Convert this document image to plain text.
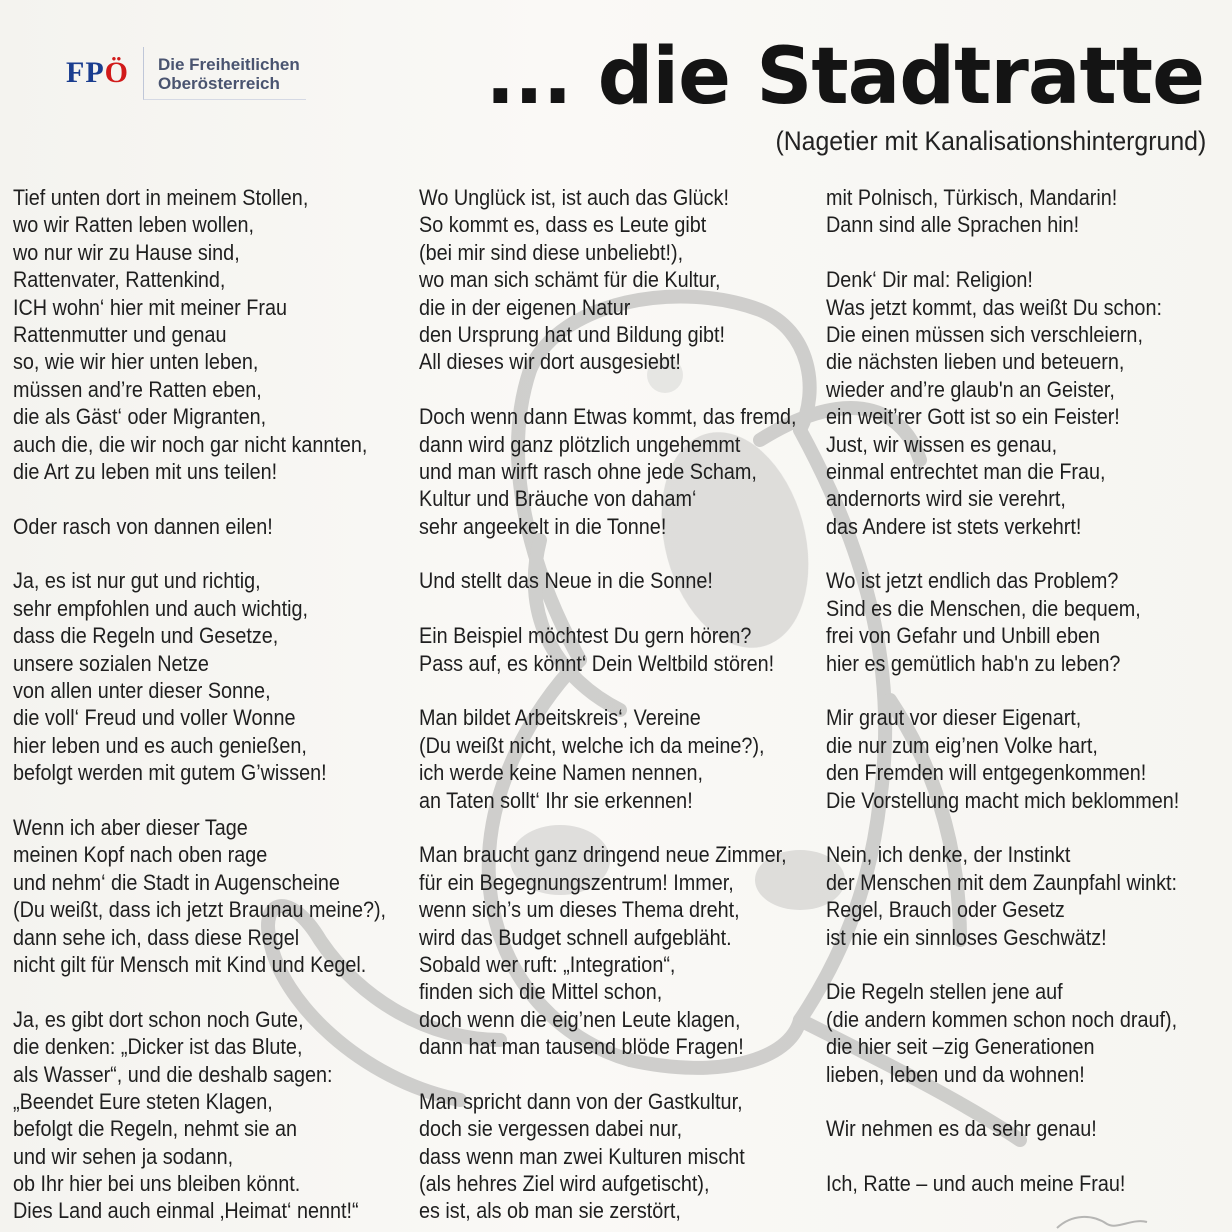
FPÖ	Die Freiheitlichen
Oberösterreich	... die Stadtratte
(Nagetier mit Kanalisationshintergrund)
Tief unten dort in meinem Stollen,
wo wir Ratten leben wollen,
wo nur wir zu Hause sind,
Rattenvater, Rattenkind,
ICH wohn‘ hier mit meiner Frau
Rattenmutter und genau
so, wie wir hier unten leben,
müssen and’re Ratten eben,
die als Gäst‘ oder Migranten,
auch die, die wir noch gar nicht kannten,
die Art zu leben mit uns teilen!

Oder rasch von dannen eilen!

Ja, es ist nur gut und richtig,
sehr empfohlen und auch wichtig,
dass die Regeln und Gesetze,
unsere sozialen Netze
von allen unter dieser Sonne,
die voll‘ Freud und voller Wonne
hier leben und es auch genießen,
befolgt werden mit gutem G’wissen!

Wenn ich aber dieser Tage
meinen Kopf nach oben rage
und nehm‘ die Stadt in Augenscheine
(Du weißt, dass ich jetzt Braunau meine?),
dann sehe ich, dass diese Regel
nicht gilt für Mensch mit Kind und Kegel.

Ja, es gibt dort schon noch Gute,
die denken: „Dicker ist das Blute,
als Wasser“, und die deshalb sagen:
„Beendet Eure steten Klagen,
befolgt die Regeln, nehmt sie an
und wir sehen ja sodann,
ob Ihr hier bei uns bleiben könnt.
Dies Land auch einmal ‚Heimat‘ nennt!“
Wo Unglück ist, ist auch das Glück!
So kommt es, dass es Leute gibt
(bei mir sind diese unbeliebt!),
wo man sich schämt für die Kultur,
die in der eigenen Natur
den Ursprung hat und Bildung gibt!
All dieses wir dort ausgesiebt!

Doch wenn dann Etwas kommt, das fremd,
dann wird ganz plötzlich ungehemmt
und man wirft rasch ohne jede Scham,
Kultur und Bräuche von daham‘
sehr angeekelt in die Tonne!

Und stellt das Neue in die Sonne!

Ein Beispiel möchtest Du gern hören?
Pass auf, es könnt‘ Dein Weltbild stören!

Man bildet Arbeitskreis‘, Vereine
(Du weißt nicht, welche ich da meine?),
ich werde keine Namen nennen,
an Taten sollt‘ Ihr sie erkennen!

Man braucht ganz dringend neue Zimmer,
für ein Begegnungszentrum! Immer,
wenn sich’s um dieses Thema dreht,
wird das Budget schnell aufgebläht.
Sobald wer ruft: „Integration“,
finden sich die Mittel schon,
doch wenn die eig’nen Leute klagen,
dann hat man tausend blöde Fragen!

Man spricht dann von der Gastkultur,
doch sie vergessen dabei nur,
dass wenn man zwei Kulturen mischt
(als hehres Ziel wird aufgetischt),
es ist, als ob man sie zerstört,
mit Polnisch, Türkisch, Mandarin!
Dann sind alle Sprachen hin!

Denk‘ Dir mal: Religion!
Was jetzt kommt, das weißt Du schon:
Die einen müssen sich verschleiern,
die nächsten lieben und beteuern,
wieder and’re glaub'n an Geister,
ein weit’rer Gott ist so ein Feister!
Just, wir wissen es genau,
einmal entrechtet man die Frau,
andernorts wird sie verehrt,
das Andere ist stets verkehrt!

Wo ist jetzt endlich das Problem?
Sind es die Menschen, die bequem,
frei von Gefahr und Unbill eben
hier es gemütlich hab'n zu leben?

Mir graut vor dieser Eigenart,
die nur zum eig’nen Volke hart,
den Fremden will entgegenkommen!
Die Vorstellung macht mich beklommen!

Nein, ich denke, der Instinkt
der Menschen mit dem Zaunpfahl winkt:
Regel, Brauch oder Gesetz
ist nie ein sinnloses Geschwätz!

Die Regeln stellen jene auf
(die andern kommen schon noch drauf),
die hier seit –zig Generationen
lieben, leben und da wohnen!

Wir nehmen es da sehr genau!

Ich, Ratte – und auch meine Frau!
